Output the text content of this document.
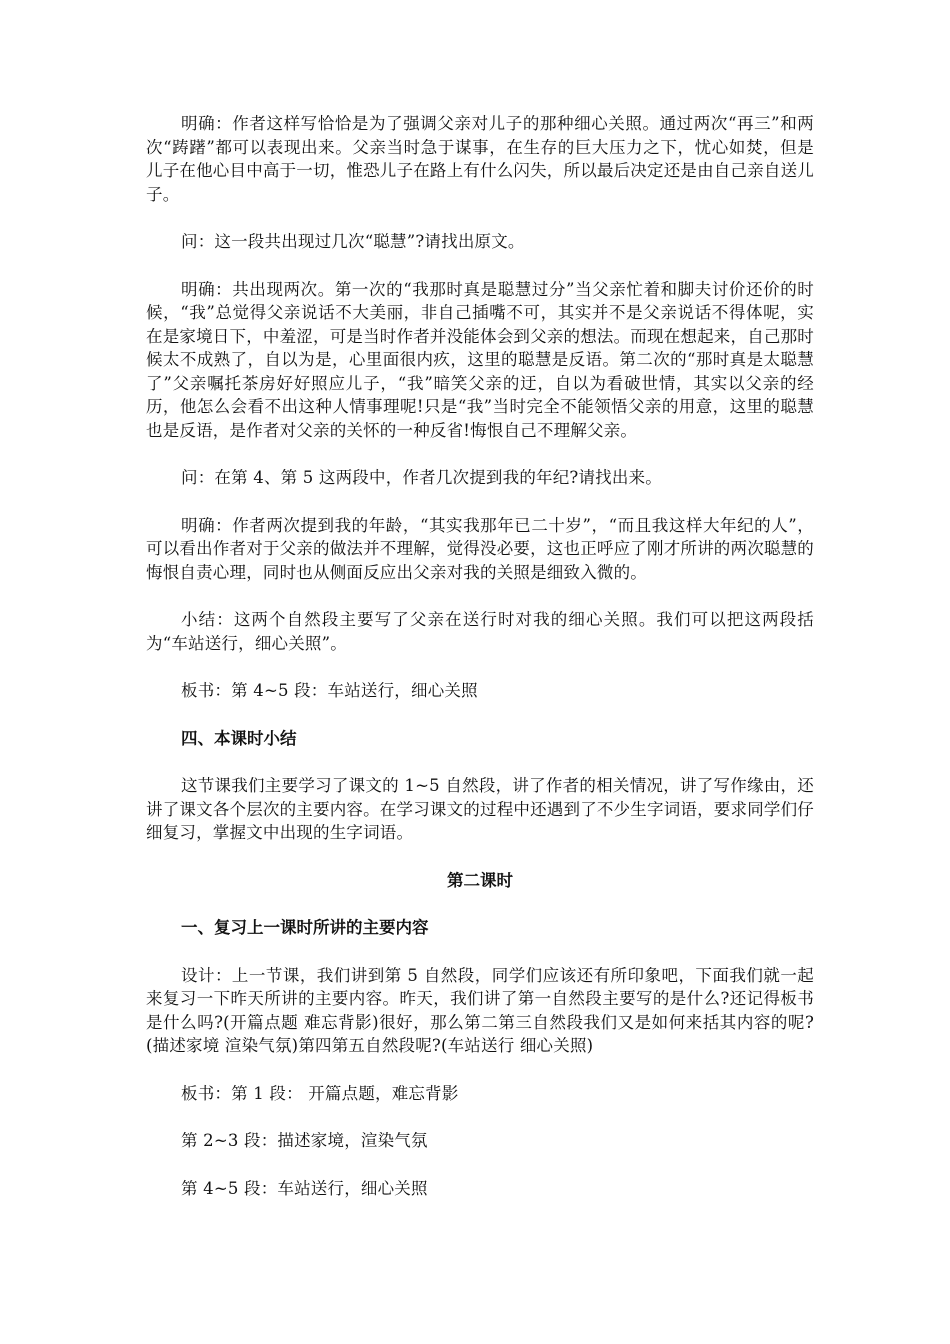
明确：作者这样写恰恰是为了强调父亲对儿子的那种细心关照。通过两次“再三”和两次“踌躇”都可以表现出来。父亲当时急于谋事，在生存的巨大压力之下，忧心如焚，但是儿子在他心目中高于一切，惟恐儿子在路上有什么闪失，所以最后决定还是由自己亲自送儿子。

问：这一段共出现过几次“聪慧”?请找出原文。

明确：共出现两次。第一次的“我那时真是聪慧过分”当父亲忙着和脚夫讨价还价的时候，“我”总觉得父亲说话不大美丽，非自己插嘴不可，其实并不是父亲说话不得体呢，实在是家境日下，中羞涩，可是当时作者并没能体会到父亲的想法。而现在想起来，自己那时候太不成熟了，自以为是，心里面很内疚，这里的聪慧是反语。第二次的“那时真是太聪慧了”父亲嘱托茶房好好照应儿子，“我”暗笑父亲的迂，自以为看破世情，其实以父亲的经历，他怎么会看不出这种人情事理呢!只是“我”当时完全不能领悟父亲的用意，这里的聪慧也是反语，是作者对父亲的关怀的一种反省!悔恨自己不理解父亲。

问：在第 4、第 5 这两段中，作者几次提到我的年纪?请找出来。

明确：作者两次提到我的年龄，“其实我那年已二十岁”，“而且我这样大年纪的人”，可以看出作者对于父亲的做法并不理解，觉得没必要，这也正呼应了刚才所讲的两次聪慧的悔恨自责心理，同时也从侧面反应出父亲对我的关照是细致入微的。

小结：这两个自然段主要写了父亲在送行时对我的细心关照。我们可以把这两段括为“车站送行，细心关照”。

板书：第 4~5 段：车站送行，细心关照

四、本课时小结

这节课我们主要学习了课文的 1~5 自然段，讲了作者的相关情况，讲了写作缘由，还讲了课文各个层次的主要内容。在学习课文的过程中还遇到了不少生字词语，要求同学们仔细复习，掌握文中出现的生字词语。

第二课时

一、复习上一课时所讲的主要内容

设计：上一节课，我们讲到第 5 自然段，同学们应该还有所印象吧，下面我们就一起来复习一下昨天所讲的主要内容。昨天，我们讲了第一自然段主要写的是什么?还记得板书是什么吗?(开篇点题 难忘背影)很好，那么第二第三自然段我们又是如何来括其内容的呢?(描述家境 渲染气氛)第四第五自然段呢?(车站送行 细心关照)

板书：第 1 段： 开篇点题，难忘背影

第 2~3 段：描述家境，渲染气氛

第 4~5 段：车站送行，细心关照
